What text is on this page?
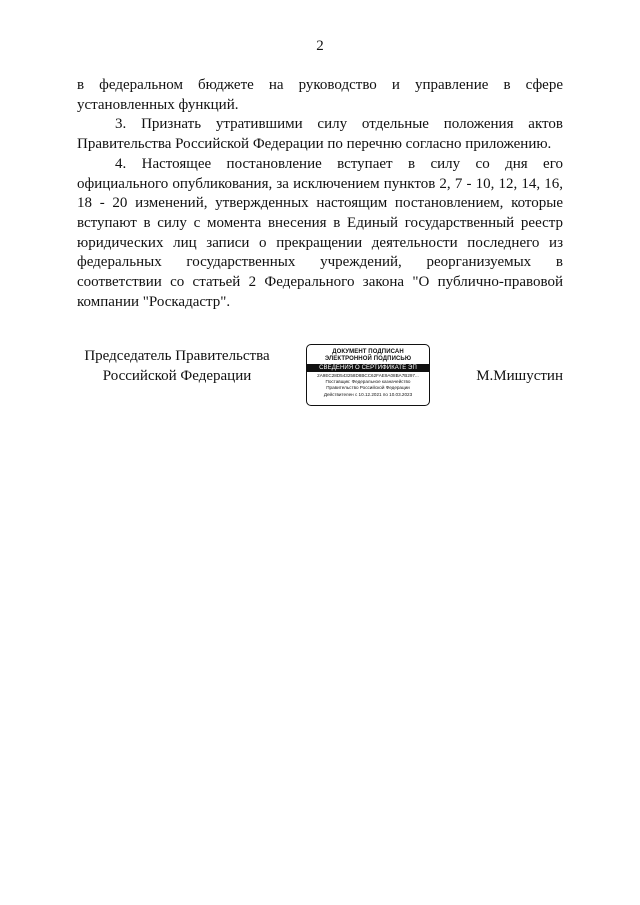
2

в федеральном бюджете на руководство и управление в сфере
установленных функций.

3. Признать утратившими силу отдельные положения актов Правительства Российской Федерации по перечню согласно приложению.

4. Настоящее постановление вступает в силу со дня его официального опубликования, за исключением пунктов 2, 7 - 10, 12, 14, 16, 18 - 20 изменений, утвержденных настоящим постановлением, которые вступают в силу с момента внесения в Единый государственный реестр юридических лиц записи о прекращении деятельности последнего из федеральных государственных учреждений, реорганизуемых в соответствии со статьей 2 Федерального закона "О публично-правовой компании "Роскадастр".

Председатель Правительства
Российской Федерации
ДОКУМЕНТ ПОДПИСАН
ЭЛЕКТРОННОЙ ПОДПИСЬЮ
СВЕДЕНИЯ О СЕРТИФИКАТЕ ЭП
2A9EC28D543258D8BCC62FAE9A08BA7B297...
Поставщик: Федеральное казначейство
Правительство Российской Федерации
Действителен с 10.12.2021 по 10.03.2023
М.Мишустин
